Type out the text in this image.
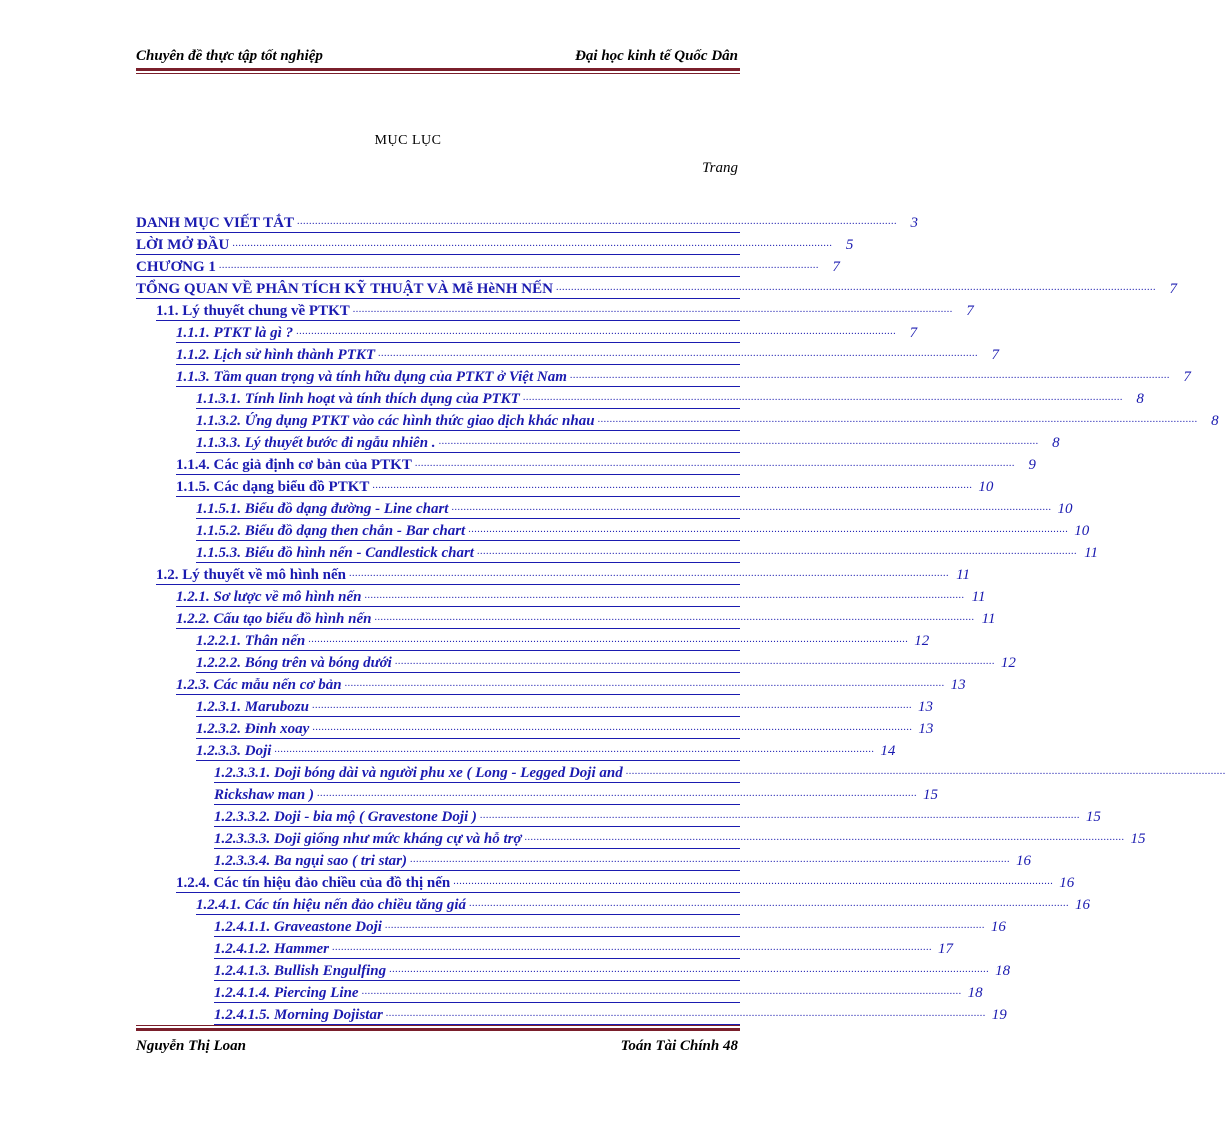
Chuyên đề thực tập tốt nghiệp	Đại học kinh tế Quốc Dân
MỤC LỤC
Trang
DANH MỤC VIẾT TẮT ........................................................................................................................................................................................................ 3
LỜI MỞ ĐẦU ........................................................................................................................................................................................................ 5
CHƯƠNG 1 ........................................................................................................................................................................................................ 7
TỔNG QUAN VỀ PHÂN TÍCH KỸ THUẬT VÀ Mễ HèNH NẾN ........................................................................................................................................................................................................ 7
1.1. Lý thuyết chung về PTKT ........................................................................................................................................................................................................ 7
1.1.1. PTKT là gì ? ........................................................................................................................................................................................................ 7
1.1.2. Lịch sử hình thành PTKT ........................................................................................................................................................................................................ 7
1.1.3. Tầm quan trọng và tính hữu dụng của PTKT ở Việt Nam ........................................................................................................................................................................................................ 7
1.1.3.1. Tính linh hoạt và tính thích dụng của PTKT ........................................................................................................................................................................................................ 8
1.1.3.2. Ứng dụng PTKT vào các hình thức giao dịch khác nhau ........................................................................................................................................................................................................ 8
1.1.3.3. Lý thuyết bước đi ngẫu nhiên . ........................................................................................................................................................................................................ 8
1.1.4. Các giả định cơ bản của PTKT ........................................................................................................................................................................................................ 9
1.1.5. Các dạng biểu đồ PTKT ........................................................................................................................................................................................................ 10
1.1.5.1. Biểu đồ dạng đường - Line chart ........................................................................................................................................................................................................ 10
1.1.5.2. Biểu đồ dạng then chắn - Bar chart ........................................................................................................................................................................................................ 10
1.1.5.3. Biểu đồ hình nến - Candlestick chart ........................................................................................................................................................................................................ 11
1.2. Lý thuyết về mô hình nến ........................................................................................................................................................................................................ 11
1.2.1. Sơ lược về mô hình nến ........................................................................................................................................................................................................ 11
1.2.2. Cấu tạo biểu đồ hình nến ........................................................................................................................................................................................................ 11
1.2.2.1. Thân nến ........................................................................................................................................................................................................ 12
1.2.2.2. Bóng trên và bóng dưới ........................................................................................................................................................................................................ 12
1.2.3. Các mẫu nến cơ bản ........................................................................................................................................................................................................ 13
1.2.3.1. Marubozu ........................................................................................................................................................................................................ 13
1.2.3.2. Đỉnh xoay ........................................................................................................................................................................................................ 13
1.2.3.3. Doji ........................................................................................................................................................................................................ 14
1.2.3.3.1. Doji bóng dài và người phu xe ( Long - Legged Doji and ........................................................................................................................................................................................................
Rickshaw man ) ........................................................................................................................................................................................................ 15
1.2.3.3.2. Doji - bia mộ ( Gravestone Doji ) ........................................................................................................................................................................................................ 15
1.2.3.3.3. Doji giống như mức kháng cự và hỗ trợ ........................................................................................................................................................................................................ 15
1.2.3.3.4. Ba ngụi sao ( tri star) ........................................................................................................................................................................................................ 16
1.2.4. Các tín hiệu đảo chiều của đồ thị nến ........................................................................................................................................................................................................ 16
1.2.4.1. Các tín hiệu nến đảo chiều tăng giá ........................................................................................................................................................................................................ 16
1.2.4.1.1. Graveastone Doji ........................................................................................................................................................................................................ 16
1.2.4.1.2. Hammer ........................................................................................................................................................................................................ 17
1.2.4.1.3. Bullish Engulfing ........................................................................................................................................................................................................ 18
1.2.4.1.4. Piercing Line ........................................................................................................................................................................................................ 18
1.2.4.1.5. Morning Dojistar ........................................................................................................................................................................................................ 19
Nguyễn Thị Loan	Toán Tài Chính 48
